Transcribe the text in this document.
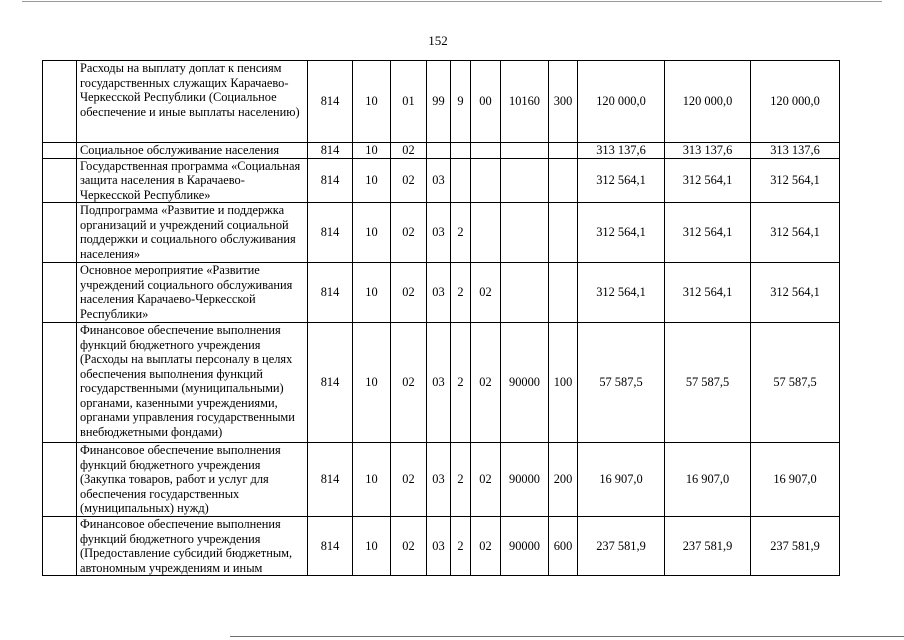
152
	Расходы на выплату доплат к пенсиям государственных служащих Карачаево-Черкесской Республики (Социальное обеспечение и иные выплаты населению)	814	10	01	99	9	00	10160	300	120 000,0	120 000,0	120 000,0
	Социальное обслуживание населения	814	10	02						313 137,6	313 137,6	313 137,6
	Государственная программа «Социальная защита населения в Карачаево-Черкесской Республике»	814	10	02	03					312 564,1	312 564,1	312 564,1
	Подпрограмма «Развитие и поддержка организаций и учреждений социальной поддержки и социального обслуживания населения»	814	10	02	03	2				312 564,1	312 564,1	312 564,1
	Основное мероприятие «Развитие учреждений социального обслуживания населения Карачаево-Черкесской Республики»	814	10	02	03	2	02			312 564,1	312 564,1	312 564,1
	Финансовое обеспечение выполнения функций бюджетного учреждения (Расходы на выплаты персоналу в целях обеспечения выполнения функций государственными (муниципальными) органами, казенными учреждениями, органами управления государственными внебюджетными фондами)	814	10	02	03	2	02	90000	100	57 587,5	57 587,5	57 587,5
	Финансовое обеспечение выполнения функций бюджетного учреждения (Закупка товаров, работ и услуг для обеспечения государственных (муниципальных) нужд)	814	10	02	03	2	02	90000	200	16 907,0	16 907,0	16 907,0
	Финансовое обеспечение выполнения функций бюджетного учреждения (Предоставление субсидий бюджетным, автономным учреждениям и иным	814	10	02	03	2	02	90000	600	237 581,9	237 581,9	237 581,9
